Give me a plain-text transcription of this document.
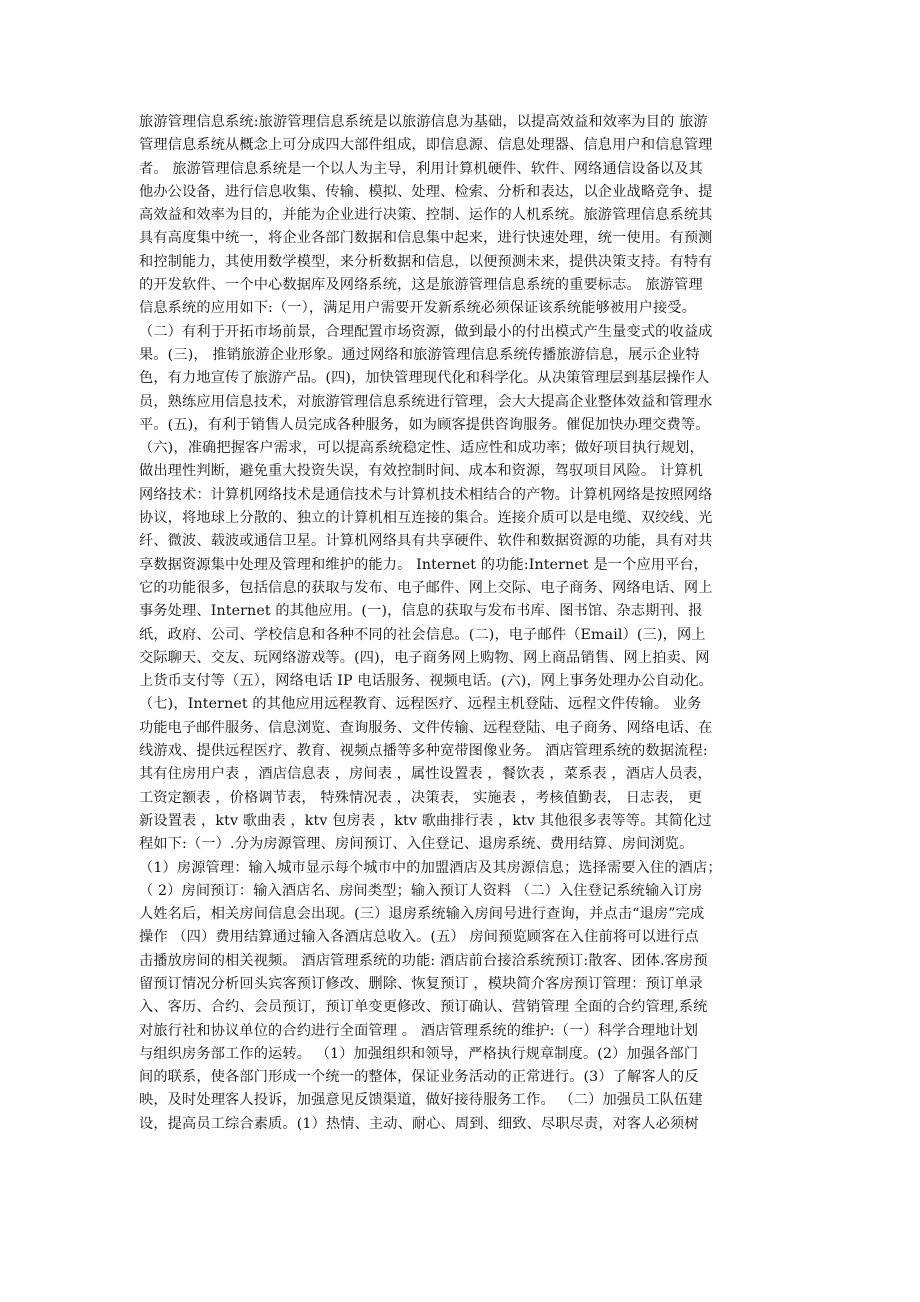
旅游管理信息系统:旅游管理信息系统是以旅游信息为基础，以提高效益和效率为目的 旅游
管理信息系统从概念上可分成四大部件组成，即信息源、信息处理器、信息用户和信息管理
者。 旅游管理信息系统是一个以人为主导，利用计算机硬件、软件、网络通信设备以及其
他办公设备，进行信息收集、传输、模拟、处理、检索、分析和表达，以企业战略竞争、提
高效益和效率为目的，并能为企业进行决策、控制、运作的人机系统。旅游管理信息系统其
具有高度集中统一，将企业各部门数据和信息集中起来，进行快速处理，统一使用。有预测
和控制能力，其使用数学模型，来分析数据和信息，以便预测未来，提供决策支持。有特有
的开发软件、一个中心数据库及网络系统，这是旅游管理信息系统的重要标志。 旅游管理
信息系统的应用如下:（一），满足用户需要开发新系统必须保证该系统能够被用户接受。
（二）有利于开拓市场前景，合理配置市场资源，做到最小的付出模式产生量变式的收益成
果。(三)， 推销旅游企业形象。通过网络和旅游管理信息系统传播旅游信息，展示企业特
色，有力地宣传了旅游产品。(四)，加快管理现代化和科学化。从决策管理层到基层操作人
员，熟练应用信息技术，对旅游管理信息系统进行管理，会大大提高企业整体效益和管理水
平。(五)，有利于销售人员完成各种服务，如为顾客提供咨询服务。催促加快办理交费等。
（六)，准确把握客户需求，可以提高系统稳定性、适应性和成功率；做好项目执行规划，
做出理性判断，避免重大投资失误，有效控制时间、成本和资源，驾驭项目风险。 计算机
网络技术：计算机网络技术是通信技术与计算机技术相结合的产物。计算机网络是按照网络
协议，将地球上分散的、独立的计算机相互连接的集合。连接介质可以是电缆、双绞线、光
纤、微波、载波或通信卫星。计算机网络具有共享硬件、软件和数据资源的功能，具有对共
享数据资源集中处理及管理和维护的能力。 Internet 的功能:Internet 是一个应用平台，
它的功能很多，包括信息的获取与发布、电子邮件、网上交际、电子商务、网络电话、网上
事务处理、Internet 的其他应用。(一)，信息的获取与发布书库、图书馆、杂志期刊、报
纸，政府、公司、学校信息和各种不同的社会信息。(二)，电子邮件（Email）(三)，网上
交际聊天、交友、玩网络游戏等。(四)，电子商务网上购物、网上商品销售、网上拍卖、网
上货币支付等（五），网络电话 IP 电话服务、视频电话。(六)，网上事务处理办公自动化。
（七)，Internet 的其他应用远程教育、远程医疗、远程主机登陆、远程文件传输。 业务
功能电子邮件服务、信息浏览、查询服务、文件传输、远程登陆、电子商务、网络电话、在
线游戏、提供远程医疗、教育、视频点播等多种宽带图像业务。 酒店管理系统的数据流程:
其有住房用户表 ，酒店信息表 ，房间表 ，属性设置表 ，餐饮表 ，菜系表 ，酒店人员表，
工资定额表 ，价格调节表， 特殊情况表 ，决策表， 实施表 ，考核值勤表， 日志表， 更
新设置表 ，ktv 歌曲表 ，ktv 包房表 ，ktv 歌曲排行表 ，ktv 其他很多表等等。其简化过
程如下:（一）.分为房源管理、房间预订、入住登记、退房系统、费用结算、房间浏览。
（1）房源管理：输入城市显示每个城市中的加盟酒店及其房源信息；选择需要入住的酒店；
（ 2）房间预订：输入酒店名、房间类型；输入预订人资料 （二）入住登记系统输入订房
人姓名后，相关房间信息会出现。(三）退房系统输入房间号进行查询，并点击“退房”完成
操作 （四）费用结算通过输入各酒店总收入。(五） 房间预览顾客在入住前将可以进行点
击播放房间的相关视频。 酒店管理系统的功能: 酒店前台接洽系统预订:散客、团体.客房预
留预订情况分析回头宾客预订修改、删除、恢复预订 ，模块简介客房预订管理：预订单录
入、客历、合约、会员预订，预订单变更修改、预订确认、营销管理 全面的合约管理,系统
对旅行社和协议单位的合约进行全面管理 。 酒店管理系统的维护:（一）科学合理地计划
与组织房务部工作的运转。 （1）加强组织和领导，严格执行规章制度。(2）加强各部门
间的联系，使各部门形成一个统一的整体，保证业务活动的正常进行。(3）了解客人的反
映，及时处理客人投诉，加强意见反馈渠道，做好接待服务工作。 （二）加强员工队伍建
设，提高员工综合素质。(1）热情、主动、耐心、周到、细致、尽职尽责，对客人必须树
